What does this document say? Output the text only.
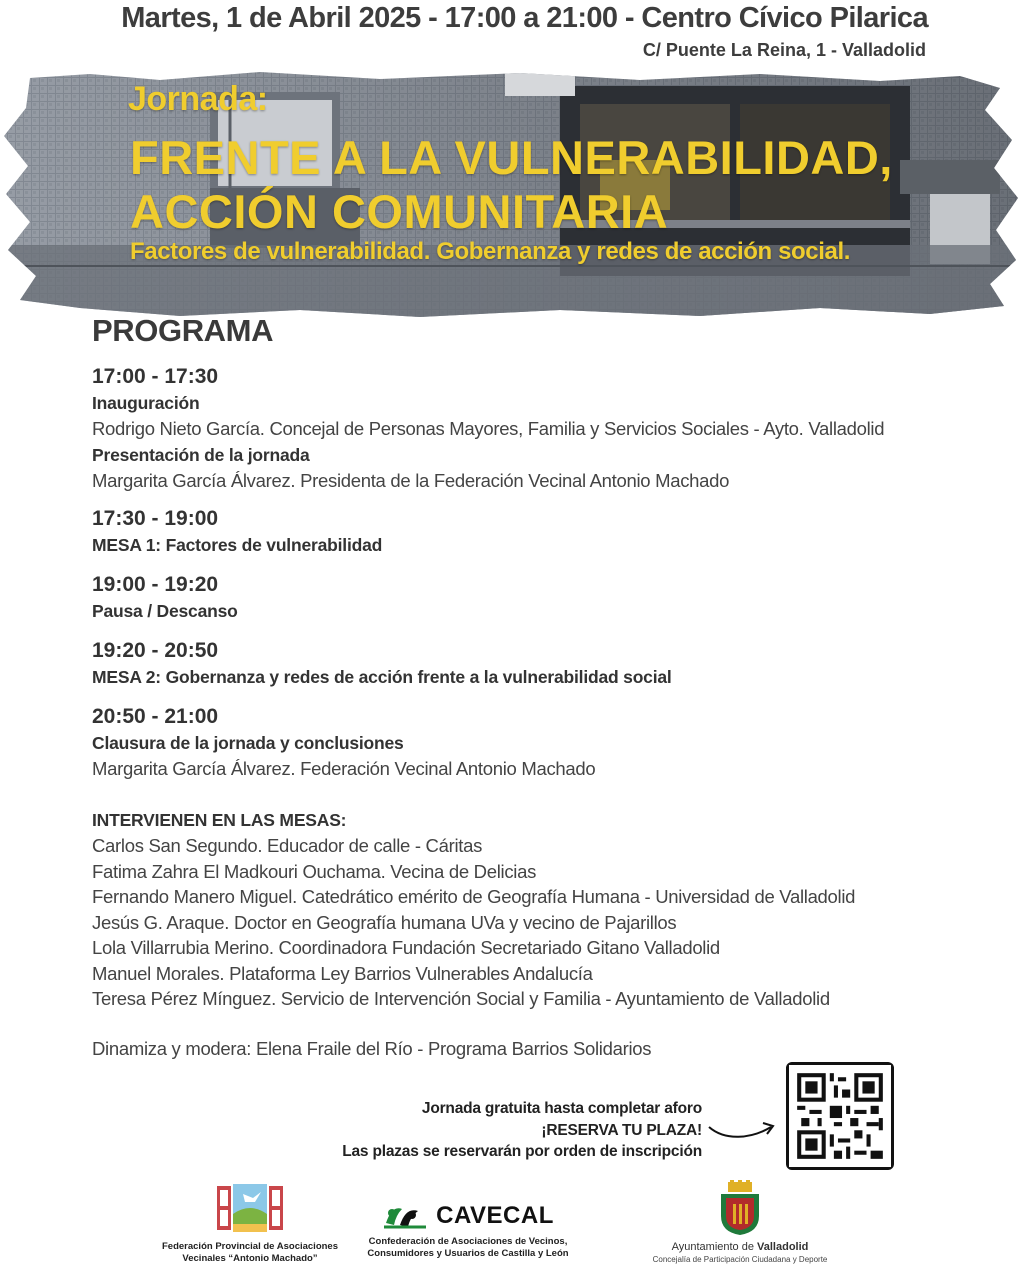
Martes, 1 de Abril 2025 - 17:00 a 21:00 - Centro Cívico Pilarica
C/ Puente La Reina, 1 - Valladolid
Jornada:
FRENTE A LA VULNERABILIDAD,
ACCIÓN COMUNITARIA
Factores de vulnerabilidad. Gobernanza y redes de acción social.
PROGRAMA
17:00 - 17:30
Inauguración
Rodrigo Nieto García. Concejal de Personas Mayores, Familia y Servicios Sociales - Ayto. Valladolid
Presentación de la jornada
Margarita García Álvarez. Presidenta de la Federación Vecinal Antonio Machado
17:30 - 19:00
MESA 1: Factores de vulnerabilidad
19:00 - 19:20
Pausa / Descanso
19:20 - 20:50
MESA 2: Gobernanza y redes de acción frente a la vulnerabilidad social
20:50 - 21:00
Clausura de la jornada y conclusiones
Margarita García Álvarez. Federación Vecinal Antonio Machado
INTERVIENEN EN LAS MESAS:
Carlos San Segundo. Educador de calle - Cáritas
Fatima Zahra El Madkouri Ouchama. Vecina de Delicias
Fernando Manero Miguel. Catedrático emérito de Geografía Humana - Universidad de Valladolid
Jesús G. Araque. Doctor en Geografía humana UVa y vecino de Pajarillos
Lola Villarrubia Merino. Coordinadora Fundación Secretariado Gitano Valladolid
Manuel Morales. Plataforma Ley Barrios Vulnerables Andalucía
Teresa Pérez Mínguez. Servicio de Intervención Social y Familia - Ayuntamiento de Valladolid
Dinamiza y modera: Elena Fraile del Río - Programa Barrios Solidarios
Jornada gratuita hasta completar aforo
¡RESERVA TU PLAZA!
Las plazas se reservarán por orden de inscripción
Federación Provincial de Asociaciones
Vecinales “Antonio Machado”
CAVECAL
Confederación de Asociaciones de Vecinos,
Consumidores y Usuarios de Castilla y León
Ayuntamiento de Valladolid
Concejalía de Participación Ciudadana y Deporte
